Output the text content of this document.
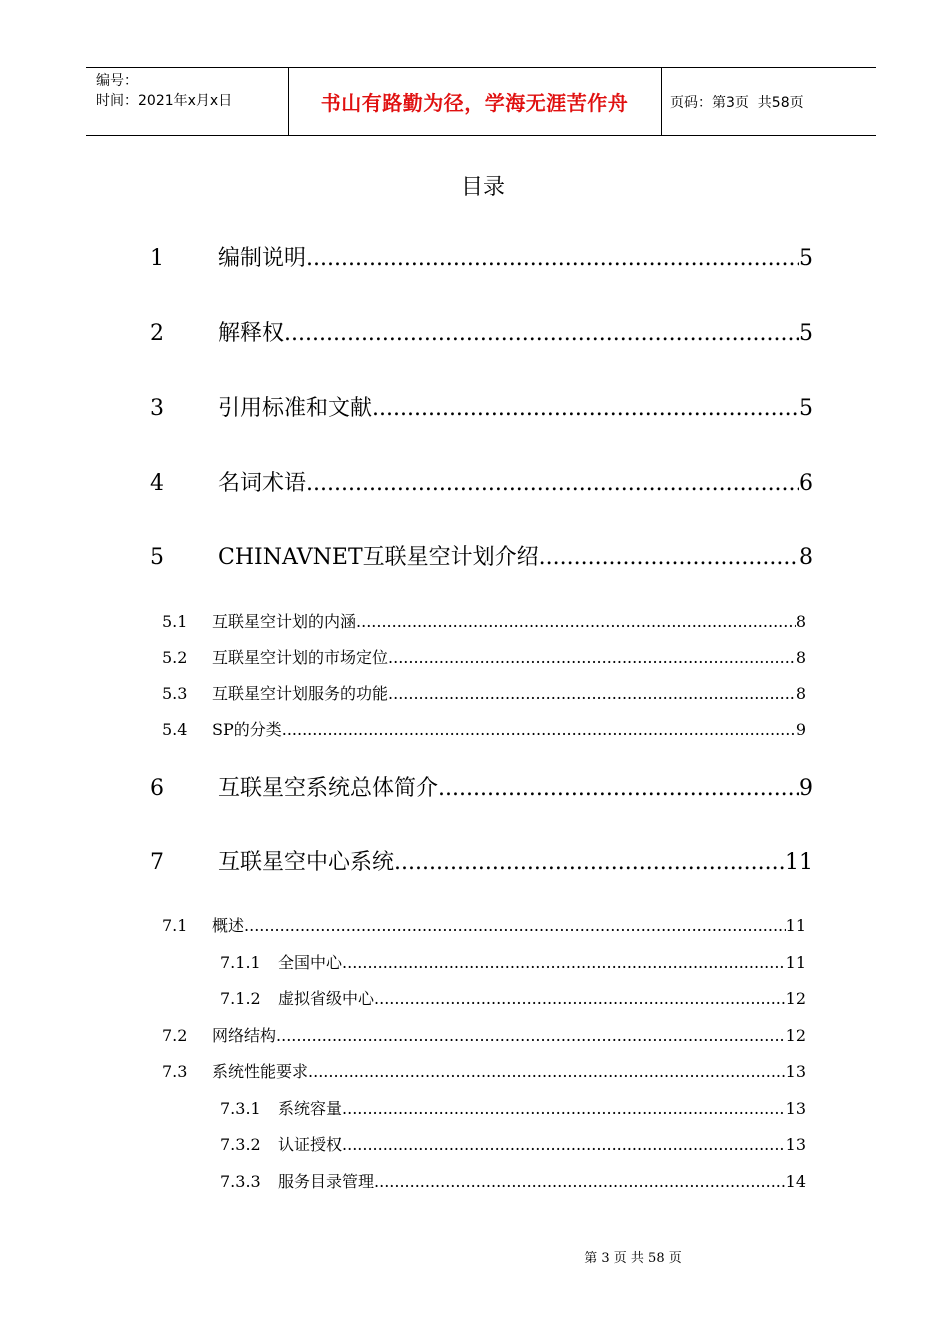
编号：
时间：2021年x月x日	书山有路勤为径，学海无涯苦作舟	页码：第3页  共58页
目录
1	编制说明 .....	5
2	解释权 .....	5
3	引用标准和文献 .....	5
4	名词术语 .....	6
5	CHINAVNET互联星空计划介绍 .....	8
5.1	互联星空计划的内涵 .....	8
5.2	互联星空计划的市场定位 .....	8
5.3	互联星空计划服务的功能 .....	8
5.4	SP的分类 .....	9
6	互联星空系统总体简介 .....	9
7	互联星空中心系统 .....	11
7.1	概述 .....	11
7.1.1	全国中心 .....	11
7.1.2	虚拟省级中心 .....	12
7.2	网络结构 .....	12
7.3	系统性能要求 .....	13
7.3.1	系统容量 .....	13
7.3.2	认证授权 .....	13
7.3.3	服务目录管理 .....	14
第 3 页 共 58 页
